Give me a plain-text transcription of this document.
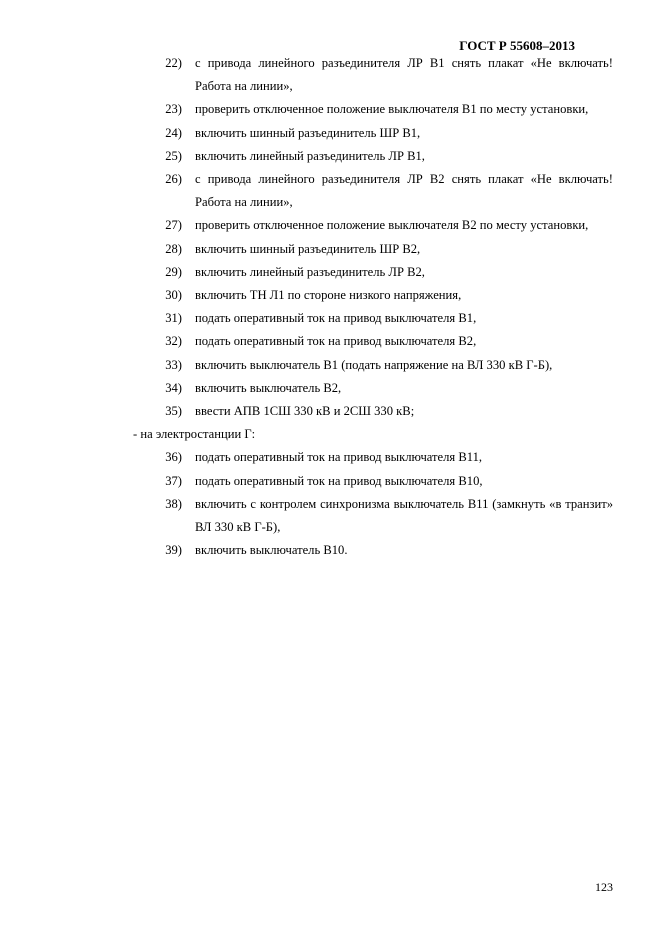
ГОСТ Р 55608–2013
22)	с привода линейного разъединителя ЛР В1 снять плакат «Не включать! Работа на линии»,
23)	проверить отключенное положение выключателя В1 по месту установки,
24)	включить шинный разъединитель ШР В1,
25)	включить линейный разъединитель ЛР В1,
26)	с привода линейного разъединителя ЛР В2 снять плакат «Не включать! Работа на линии»,
27)	проверить отключенное положение выключателя В2 по месту установки,
28)	включить шинный разъединитель ШР В2,
29)	включить линейный разъединитель ЛР В2,
30)	включить ТН Л1 по стороне низкого напряжения,
31)	подать оперативный ток на привод выключателя В1,
32)	подать оперативный ток на привод выключателя В2,
33)	включить выключатель В1 (подать напряжение на ВЛ 330 кВ Г-Б),
34)	включить выключатель В2,
35)	ввести АПВ 1СШ 330 кВ и 2СШ 330 кВ;
- на электростанции Г:
36)	подать оперативный ток на привод выключателя В11,
37)	подать оперативный ток на привод выключателя В10,
38)	включить с контролем синхронизма выключатель В11 (замкнуть «в транзит» ВЛ 330 кВ Г-Б),
39)	включить выключатель В10.
123
